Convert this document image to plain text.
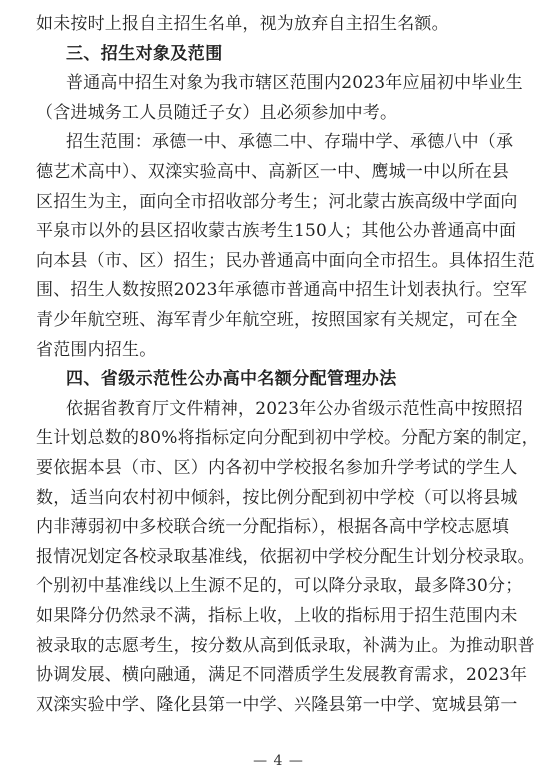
如未按时上报自主招生名单，视为放弃自主招生名额。
三、招生对象及范围
普通高中招生对象为我市辖区范围内2023年应届初中毕业生
（含进城务工人员随迁子女）且必须参加中考。
招生范围：承德一中、承德二中、存瑞中学、承德八中（承
德艺术高中）、双滦实验高中、高新区一中、鹰城一中以所在县
区招生为主，面向全市招收部分考生；河北蒙古族高级中学面向
平泉市以外的县区招收蒙古族考生150人；其他公办普通高中面
向本县（市、区）招生；民办普通高中面向全市招生。具体招生范
围、招生人数按照2023年承德市普通高中招生计划表执行。空军
青少年航空班、海军青少年航空班，按照国家有关规定，可在全
省范围内招生。
四、省级示范性公办高中名额分配管理办法
依据省教育厅文件精神，2023年公办省级示范性高中按照招
生计划总数的80%将指标定向分配到初中学校。分配方案的制定，
要依据本县（市、区）内各初中学校报名参加升学考试的学生人
数，适当向农村初中倾斜，按比例分配到初中学校（可以将县城
内非薄弱初中多校联合统一分配指标），根据各高中学校志愿填
报情况划定各校录取基准线，依据初中学校分配生计划分校录取。
个别初中基准线以上生源不足的，可以降分录取，最多降30分；
如果降分仍然录不满，指标上收，上收的指标用于招生范围内未
被录取的志愿考生，按分数从高到低录取，补满为止。为推动职普
协调发展、横向融通，满足不同潜质学生发展教育需求，2023年
双滦实验中学、隆化县第一中学、兴隆县第一中学、宽城县第一
— 4 —
